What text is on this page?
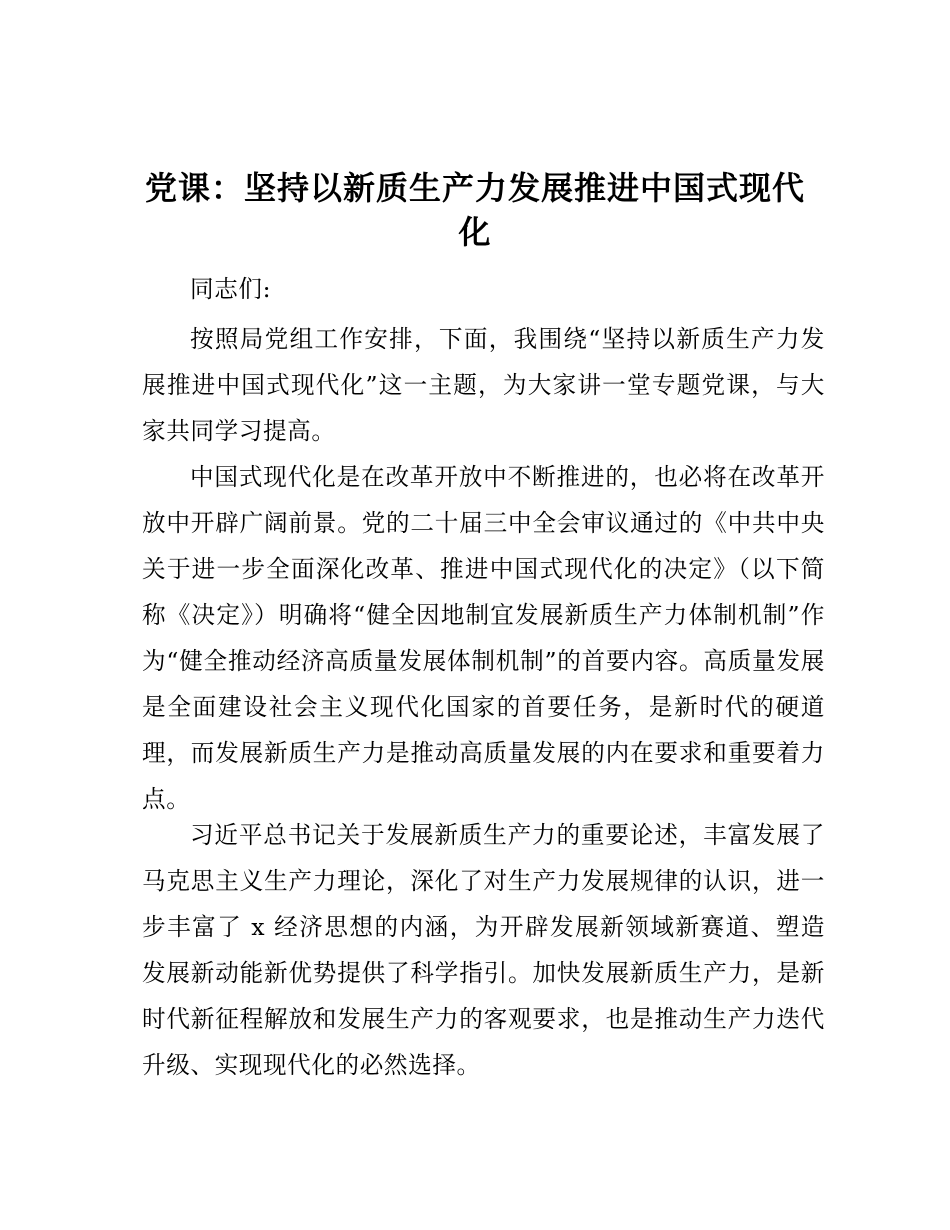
党课：坚持以新质生产力发展推进中国式现代化

同志们:

按照局党组工作安排，下面，我围绕“坚持以新质生产力发展推进中国式现代化”这一主题，为大家讲一堂专题党课，与大家共同学习提高。

中国式现代化是在改革开放中不断推进的，也必将在改革开放中开辟广阔前景。党的二十届三中全会审议通过的《中共中央关于进一步全面深化改革、推进中国式现代化的决定》（以下简称《决定》）明确将“健全因地制宜发展新质生产力体制机制”作为“健全推动经济高质量发展体制机制”的首要内容。高质量发展是全面建设社会主义现代化国家的首要任务，是新时代的硬道理，而发展新质生产力是推动高质量发展的内在要求和重要着力点。

习近平总书记关于发展新质生产力的重要论述，丰富发展了马克思主义生产力理论，深化了对生产力发展规律的认识，进一步丰富了 x 经济思想的内涵，为开辟发展新领域新赛道、塑造发展新动能新优势提供了科学指引。加快发展新质生产力，是新时代新征程解放和发展生产力的客观要求，也是推动生产力迭代升级、实现现代化的必然选择。
